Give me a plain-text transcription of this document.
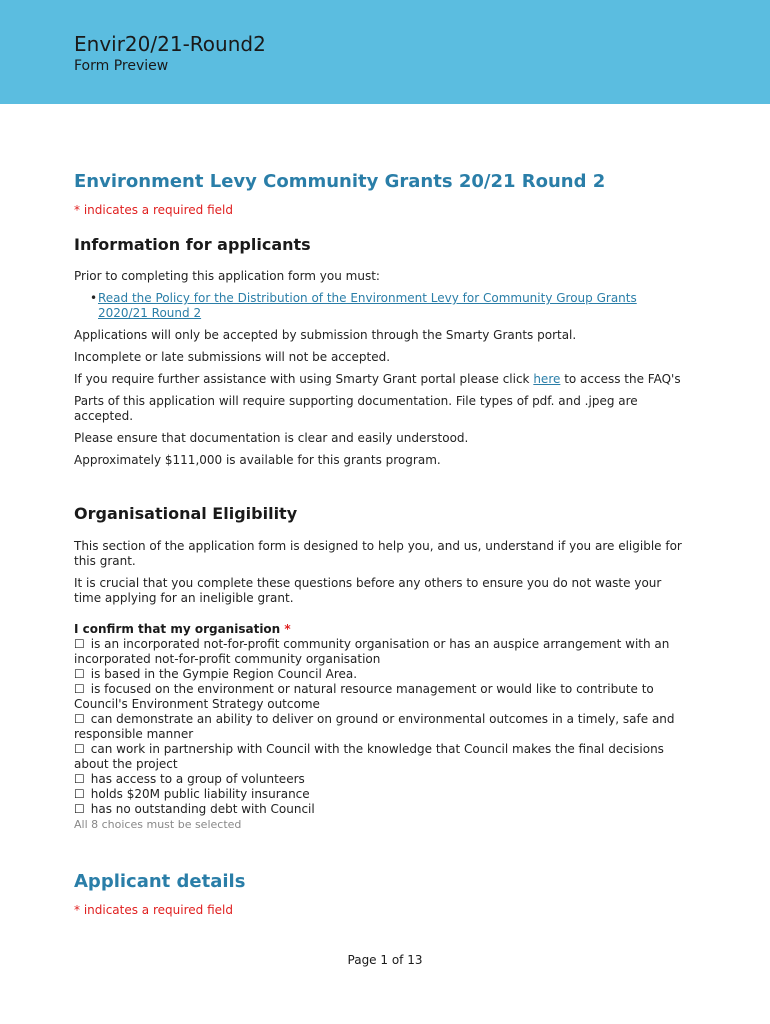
Envir20/21-Round2
Form Preview
Environment Levy Community Grants 20/21 Round 2
* indicates a required field
Information for applicants

Prior to completing this application form you must:

• Read the Policy for the Distribution of the Environment Levy for Community Group Grants 2020/21 Round 2

Applications will only be accepted by submission through the Smarty Grants portal.

Incomplete or late submissions will not be accepted.

If you require further assistance with using Smarty Grant portal please click here to access the FAQ's

Parts of this application will require supporting documentation. File types of pdf. and .jpeg are accepted.

Please ensure that documentation is clear and easily understood.

Approximately $111,000 is available for this grants program.

Organisational Eligibility

This section of the application form is designed to help you, and us, understand if you are eligible for this grant.

It is crucial that you complete these questions before any others to ensure you do not waste your time applying for an ineligible grant.

I confirm that my organisation *
☐ is an incorporated not-for-profit community organisation or has an auspice arrangement with an incorporated not-for-profit community organisation
☐ is based in the Gympie Region Council Area.
☐ is focused on the environment or natural resource management or would like to contribute to Council's Environment Strategy outcome
☐ can demonstrate an ability to deliver on ground or environmental outcomes in a timely, safe and responsible manner
☐ can work in partnership with Council with the knowledge that Council makes the final decisions about the project
☐ has access to a group of volunteers
☐ holds $20M public liability insurance
☐ has no outstanding debt with Council
All 8 choices must be selected
Applicant details
* indicates a required field
Page 1 of 13
